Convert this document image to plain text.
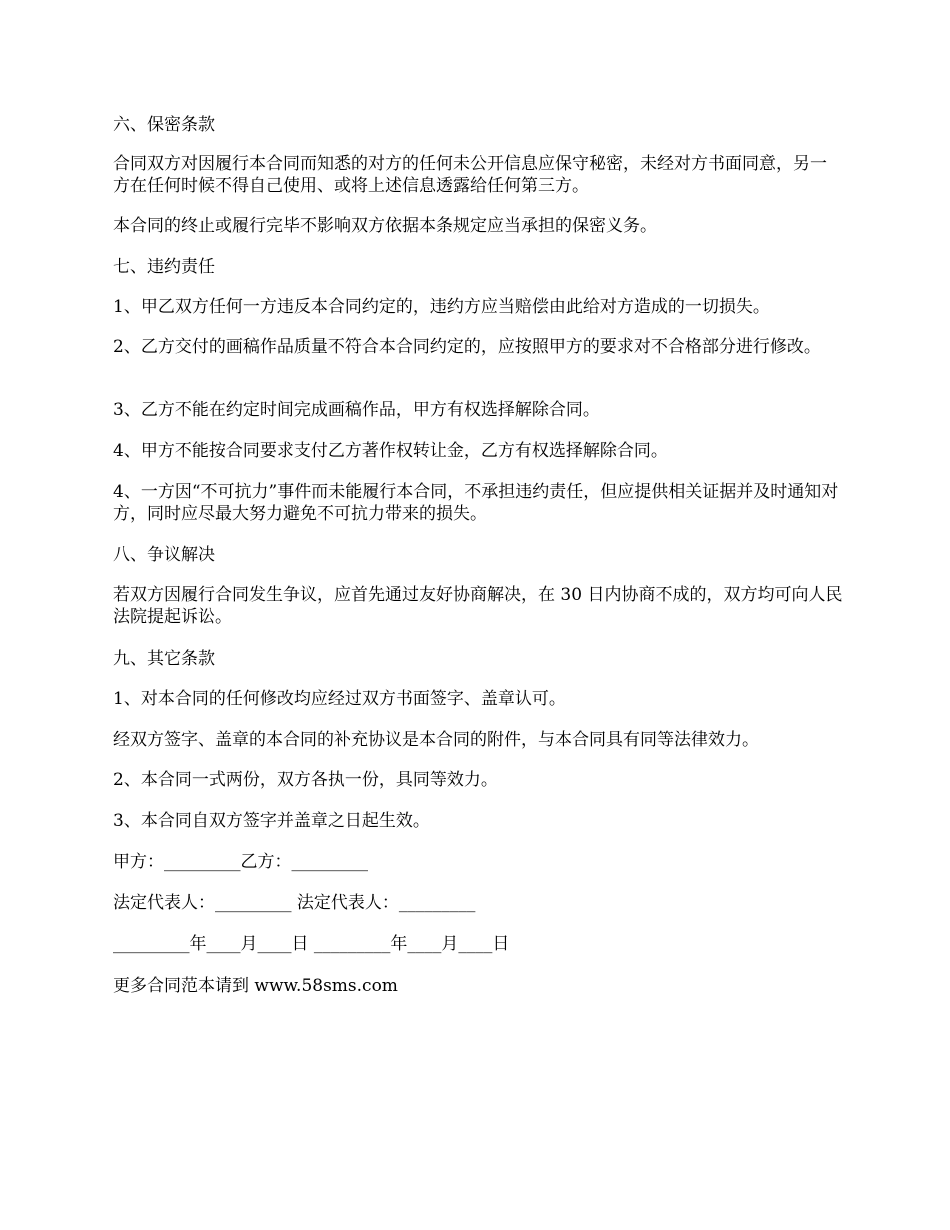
六、保密条款

合同双方对因履行本合同而知悉的对方的任何未公开信息应保守秘密，未经对方书面同意，另一方在任何时候不得自己使用、或将上述信息透露给任何第三方。

本合同的终止或履行完毕不影响双方依据本条规定应当承担的保密义务。

七、违约责任

1、甲乙双方任何一方违反本合同约定的，违约方应当赔偿由此给对方造成的一切损失。

2、乙方交付的画稿作品质量不符合本合同约定的，应按照甲方的要求对不合格部分进行修改。

3、乙方不能在约定时间完成画稿作品，甲方有权选择解除合同。

4、甲方不能按合同要求支付乙方著作权转让金，乙方有权选择解除合同。

4、一方因“不可抗力”事件而未能履行本合同，不承担违约责任，但应提供相关证据并及时通知对方，同时应尽最大努力避免不可抗力带来的损失。

八、争议解决

若双方因履行合同发生争议，应首先通过友好协商解决，在 30 日内协商不成的，双方均可向人民法院提起诉讼。

九、其它条款

1、对本合同的任何修改均应经过双方书面签字、盖章认可。

经双方签字、盖章的本合同的补充协议是本合同的附件，与本合同具有同等法律效力。

2、本合同一式两份，双方各执一份，具同等效力。

3、本合同自双方签字并盖章之日起生效。

甲方：_________乙方：_________

法定代表人：_________ 法定代表人：_________

_________年____月____日 _________年____月____日

更多合同范本请到 www.58sms.com
